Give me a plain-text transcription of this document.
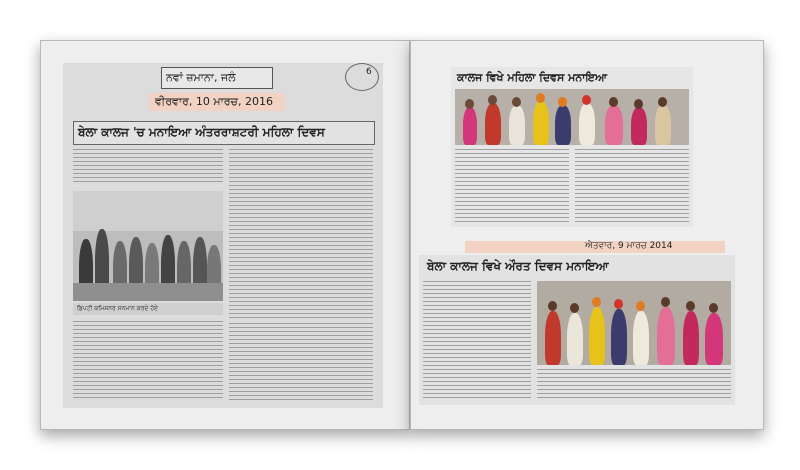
ਨਵਾਂ ਜ਼ਮਾਨਾ, ਜਲੰ	6
ਵੀਰਵਾਰ, 10 ਮਾਰਚ, 2016
ਬੇਲਾ ਕਾਲਜ 'ਚ ਮਨਾਇਆ ਅੰਤਰਰਾਸ਼ਟਰੀ ਮਹਿਲਾ ਦਿਵਸ
ਡਿਪਟੀ ਕਮਿਸ਼ਨਰ ਸਨਮਾਨ ਕਰਦੇ ਹੋਏ
ਕਾਲਜ ਵਿਖੇ ਮਹਿਲਾ ਦਿਵਸ ਮਨਾਇਆ
ਐਤਵਾਰ, 9 ਮਾਰਚ 2014
ਬੇਲਾ ਕਾਲਜ ਵਿਖੇ ਔਰਤ ਦਿਵਸ ਮਨਾਇਆ
